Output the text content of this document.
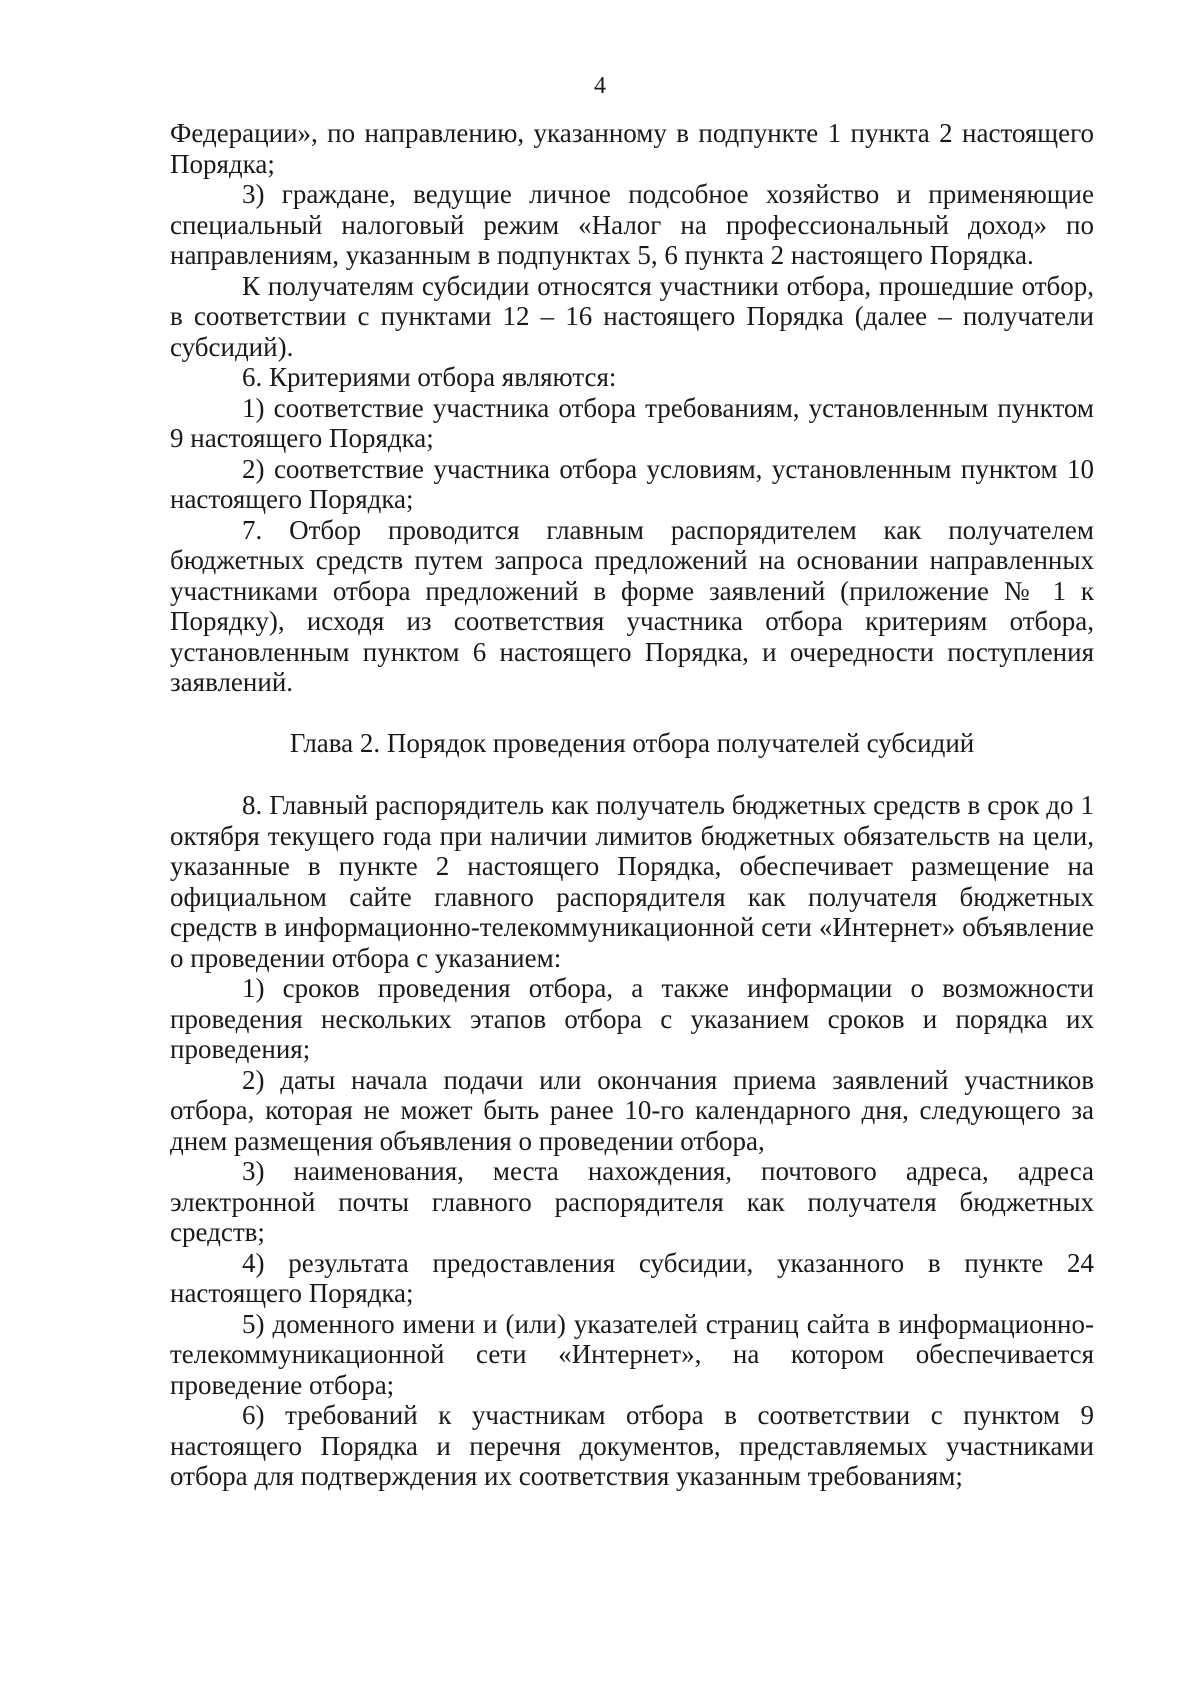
4

Федерации», по направлению, указанному в подпункте 1 пункта 2 настоящего Порядка;

3) граждане, ведущие личное подсобное хозяйство и применяющие специальный налоговый режим «Налог на профессиональный доход» по направлениям, указанным в подпунктах 5, 6 пункта 2 настоящего Порядка.

К получателям субсидии относятся участники отбора, прошедшие отбор, в соответствии с пунктами 12 – 16 настоящего Порядка (далее – получатели субсидий).

6. Критериями отбора являются:

1) соответствие участника отбора требованиям, установленным пунктом 9 настоящего Порядка;

2) соответствие участника отбора условиям, установленным пунктом 10 настоящего Порядка;

7. Отбор проводится главным распорядителем как получателем бюджетных средств путем запроса предложений на основании направленных участниками отбора предложений в форме заявлений (приложение № 1 к Порядку), исходя из соответствия участника отбора критериям отбора, установленным пунктом 6 настоящего Порядка, и очередности поступления заявлений.

Глава 2. Порядок проведения отбора получателей субсидий

8. Главный распорядитель как получатель бюджетных средств в срок до 1 октября текущего года при наличии лимитов бюджетных обязательств на цели, указанные в пункте 2 настоящего Порядка, обеспечивает размещение на официальном сайте главного распорядителя как получателя бюджетных средств в информационно-телекоммуникационной сети «Интернет» объявление о проведении отбора с указанием:

1) сроков проведения отбора, а также информации о возможности проведения нескольких этапов отбора с указанием сроков и порядка их проведения;

2) даты начала подачи или окончания приема заявлений участников отбора, которая не может быть ранее 10-го календарного дня, следующего за днем размещения объявления о проведении отбора,

3) наименования, места нахождения, почтового адреса, адреса электронной почты главного распорядителя как получателя бюджетных средств;

4) результата предоставления субсидии, указанного в пункте 24 настоящего Порядка;

5) доменного имени и (или) указателей страниц сайта в информационно-телекоммуникационной сети «Интернет», на котором обеспечивается проведение отбора;

6) требований к участникам отбора в соответствии с пунктом 9 настоящего Порядка и перечня документов, представляемых участниками отбора для подтверждения их соответствия указанным требованиям;
